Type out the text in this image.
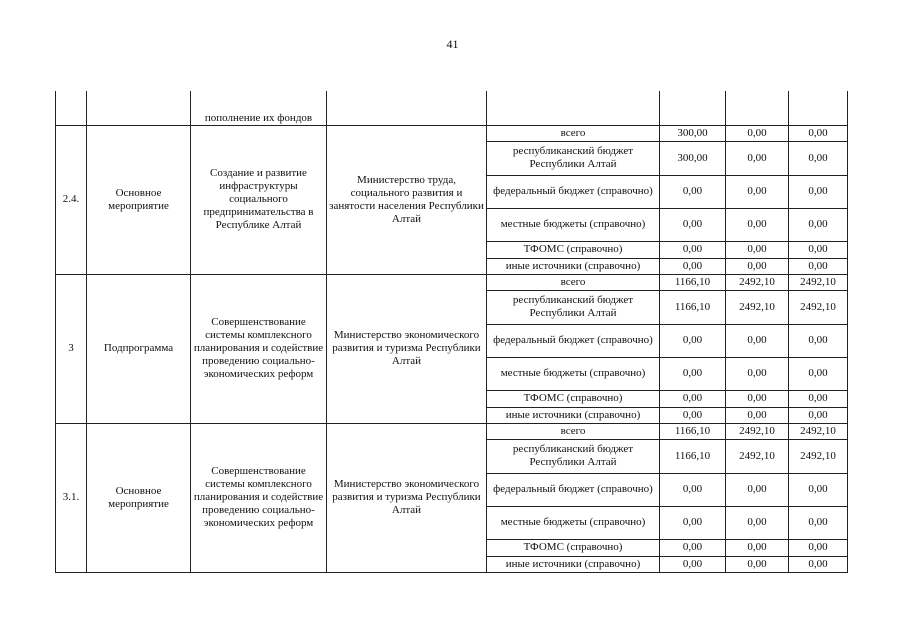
41
		пополнение их фондов					
2.4.	Основное мероприятие	Создание и развитие инфраструктуры социального предпринимательства в Республике Алтай	Министерство труда, социального развития и занятости населения Республики Алтай	всего	300,00	0,00	0,00
				республиканский бюджет Республики Алтай	300,00	0,00	0,00
				федеральный бюджет (справочно)	0,00	0,00	0,00
				местные бюджеты (справочно)	0,00	0,00	0,00
				ТФОМС (справочно)	0,00	0,00	0,00
				иные источники (справочно)	0,00	0,00	0,00
3	Подпрограмма	Совершенствование системы комплексного планирования и содействие проведению социально-экономических реформ	Министерство экономического развития и туризма Республики Алтай	всего	1166,10	2492,10	2492,10
				республиканский бюджет Республики Алтай	1166,10	2492,10	2492,10
				федеральный бюджет (справочно)	0,00	0,00	0,00
				местные бюджеты (справочно)	0,00	0,00	0,00
				ТФОМС (справочно)	0,00	0,00	0,00
				иные источники (справочно)	0,00	0,00	0,00
3.1.	Основное мероприятие	Совершенствование системы комплексного планирования и содействие проведению социально-экономических реформ	Министерство экономического развития и туризма Республики Алтай	всего	1166,10	2492,10	2492,10
				республиканский бюджет Республики Алтай	1166,10	2492,10	2492,10
				федеральный бюджет (справочно)	0,00	0,00	0,00
				местные бюджеты (справочно)	0,00	0,00	0,00
				ТФОМС (справочно)	0,00	0,00	0,00
				иные источники (справочно)	0,00	0,00	0,00
